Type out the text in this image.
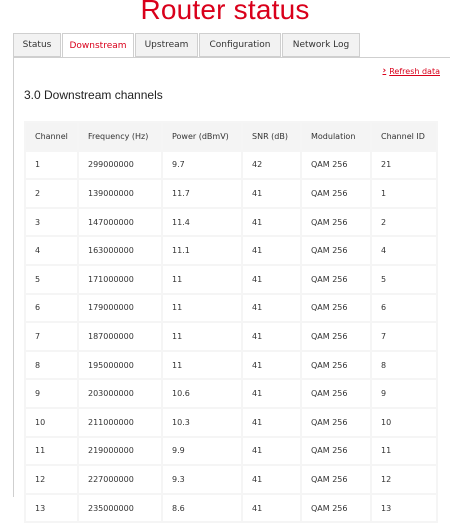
Router status
Status	Downstream	Upstream	Configuration	Network Log
› Refresh data
3.0 Downstream channels
Channel	Frequency (Hz)	Power (dBmV)	SNR (dB)	Modulation	Channel ID
1	299000000	9.7	42	QAM 256	21
2	139000000	11.7	41	QAM 256	1
3	147000000	11.4	41	QAM 256	2
4	163000000	11.1	41	QAM 256	4
5	171000000	11	41	QAM 256	5
6	179000000	11	41	QAM 256	6
7	187000000	11	41	QAM 256	7
8	195000000	11	41	QAM 256	8
9	203000000	10.6	41	QAM 256	9
10	211000000	10.3	41	QAM 256	10
11	219000000	9.9	41	QAM 256	11
12	227000000	9.3	41	QAM 256	12
13	235000000	8.6	41	QAM 256	13
